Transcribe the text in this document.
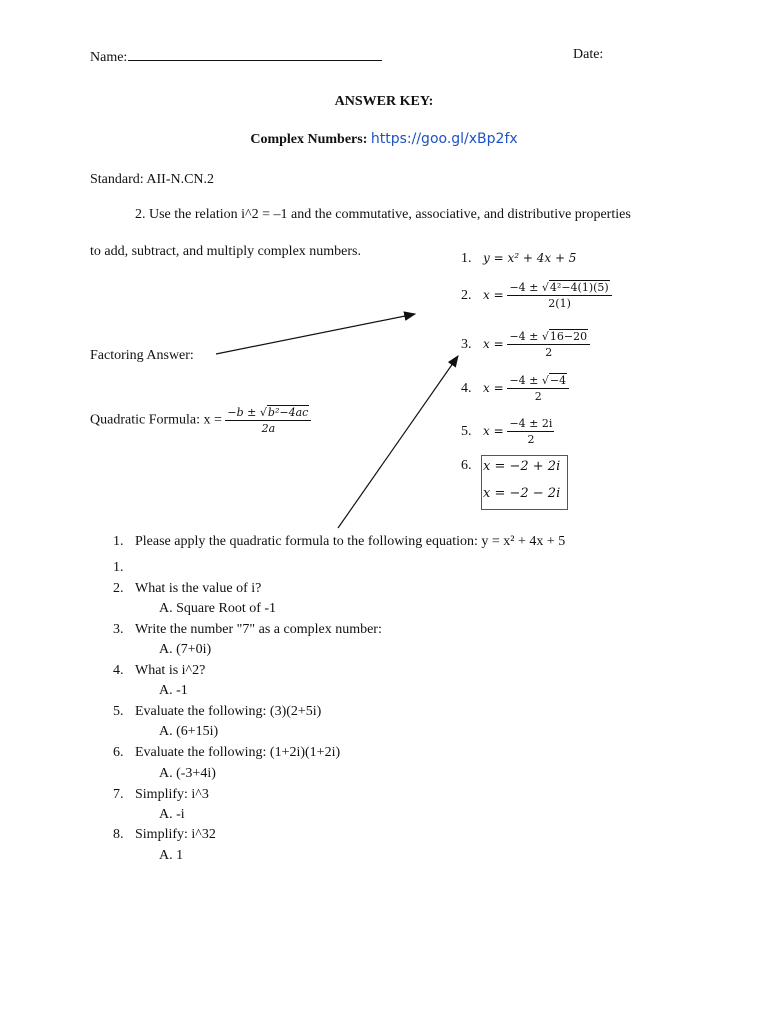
Name:	Date:
ANSWER KEY:
Complex Numbers: https://goo.gl/xBp2fx
Standard: AII-N.CN.2
2. Use the relation i^2 = –1 and the commutative, associative, and distributive properties
to add, subtract, and multiply complex numbers.
Factoring Answer:
Quadratic Formula: $x = \frac{\text{−b ± √b²−4ac}}{2a}$
1. y = x² + 4x + 5
2. $x = \frac{\text{−4 ± √4²−4(1)(5)}}{2(1)}$
3. $x = \frac{-4 \pm √16-20}{2}$
4. $x = \frac{-4 \pm √-4}{2}$
5. $x = \frac{-4 \pm 2i}{2}$
6. x = −2 + 2i
x = −2 − 2i
1. Please apply the quadratic formula to the following equation: y = x² + 4x + 5
1.
2. What is the value of i?
A. Square Root of -1
3. Write the number "7" as a complex number:
A. (7+0i)
4. What is i^2?
A. -1
5. Evaluate the following: (3)(2+5i)
A. (6+15i)
6. Evaluate the following: (1+2i)(1+2i)
A. (-3+4i)
7. Simplify: i^3
A. -i
8. Simplify: i^32
A. 1
